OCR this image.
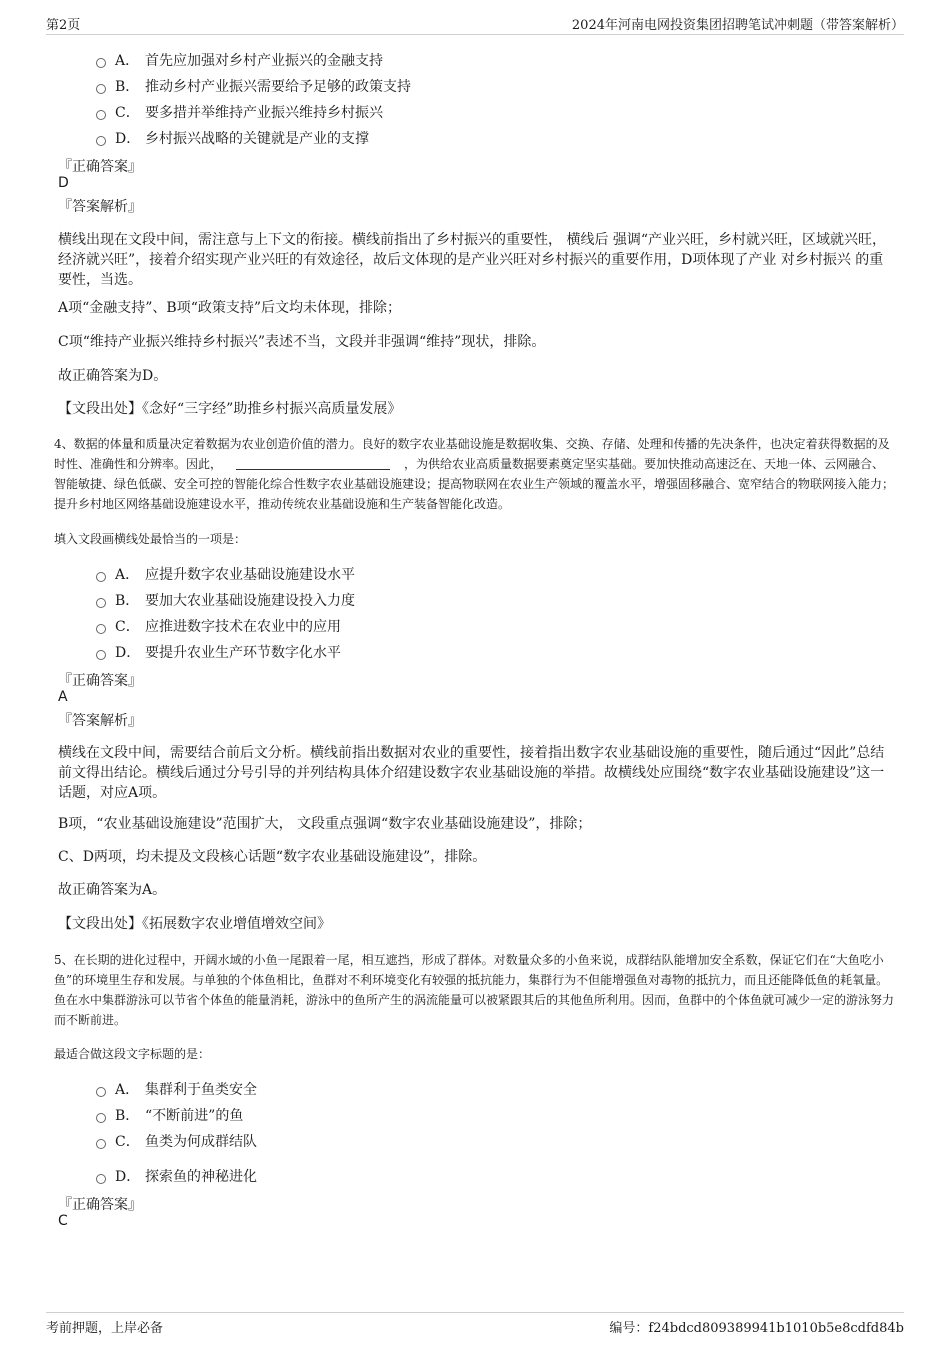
第2页	2024年河南电网投资集团招聘笔试冲刺题（带答案解析）
A． 首先应加强对乡村产业振兴的金融支持
B． 推动乡村产业振兴需要给予足够的政策支持
C． 要多措并举维持产业振兴维持乡村振兴
D． 乡村振兴战略的关键就是产业的支撑
『正确答案』
D
『答案解析』
横线出现在文段中间，需注意与上下文的衔接。横线前指出了乡村振兴的重要性， 横线后 强调“产业兴旺，乡村就兴旺，区域就兴旺，经济就兴旺”，接着介绍实现产业兴旺的有效途径，故后文体现的是产业兴旺对乡村振兴的重要作用，D项体现了产业 对乡村振兴 的重要性，当选。
A项“金融支持”、B项“政策支持”后文均未体现，排除；
C项“维持产业振兴维持乡村振兴”表述不当，文段并非强调“维持”现状，排除。
故正确答案为D。
【文段出处】《念好“三字经”助推乡村振兴高质量发展》
4、数据的体量和质量决定着数据为农业创造价值的潜力。良好的数字农业基础设施是数据收集、交换、存储、处理和传播的先决条件，也决定着获得数据的及时性、准确性和分辨率。因此，	，为供给农业高质量数据要素奠定坚实基础。要加快推动高速泛在、天地一体、云网融合、智能敏捷、绿色低碳、安全可控的智能化综合性数字农业基础设施建设；提高物联网在农业生产领域的覆盖水平，增强固移融合、宽窄结合的物联网接入能力；提升乡村地区网络基础设施建设水平，推动传统农业基础设施和生产装备智能化改造。
填入文段画横线处最恰当的一项是：
A． 应提升数字农业基础设施建设水平
B． 要加大农业基础设施建设投入力度
C． 应推进数字技术在农业中的应用
D． 要提升农业生产环节数字化水平
『正确答案』
A
『答案解析』
横线在文段中间，需要结合前后文分析。横线前指出数据对农业的重要性，接着指出数字农业基础设施的重要性，随后通过“因此”总结前文得出结论。横线后通过分号引导的并列结构具体介绍建设数字农业基础设施的举措。故横线处应围绕“数字农业基础设施建设”这一话题，对应A项。
B项，“农业基础设施建设”范围扩大， 文段重点强调“数字农业基础设施建设”，排除；
C、D两项，均未提及文段核心话题“数字农业基础设施建设”，排除。
故正确答案为A。
【文段出处】《拓展数字农业增值增效空间》
5、在长期的进化过程中，开阔水域的小鱼一尾跟着一尾，相互遮挡，形成了群体。对数量众多的小鱼来说，成群结队能增加安全系数，保证它们在“大鱼吃小鱼”的环境里生存和发展。与单独的个体鱼相比，鱼群对不利环境变化有较强的抵抗能力，集群行为不但能增强鱼对毒物的抵抗力，而且还能降低鱼的耗氧量。鱼在水中集群游泳可以节省个体鱼的能量消耗，游泳中的鱼所产生的涡流能量可以被紧跟其后的其他鱼所利用。因而，鱼群中的个体鱼就可减少一定的游泳努力而不断前进。
最适合做这段文字标题的是：
A． 集群利于鱼类安全
B． “不断前进”的鱼
C． 鱼类为何成群结队
D． 探索鱼的神秘进化
『正确答案』
C
考前押题，上岸必备	编号：f24bdcd809389941b1010b5e8cdfd84b
